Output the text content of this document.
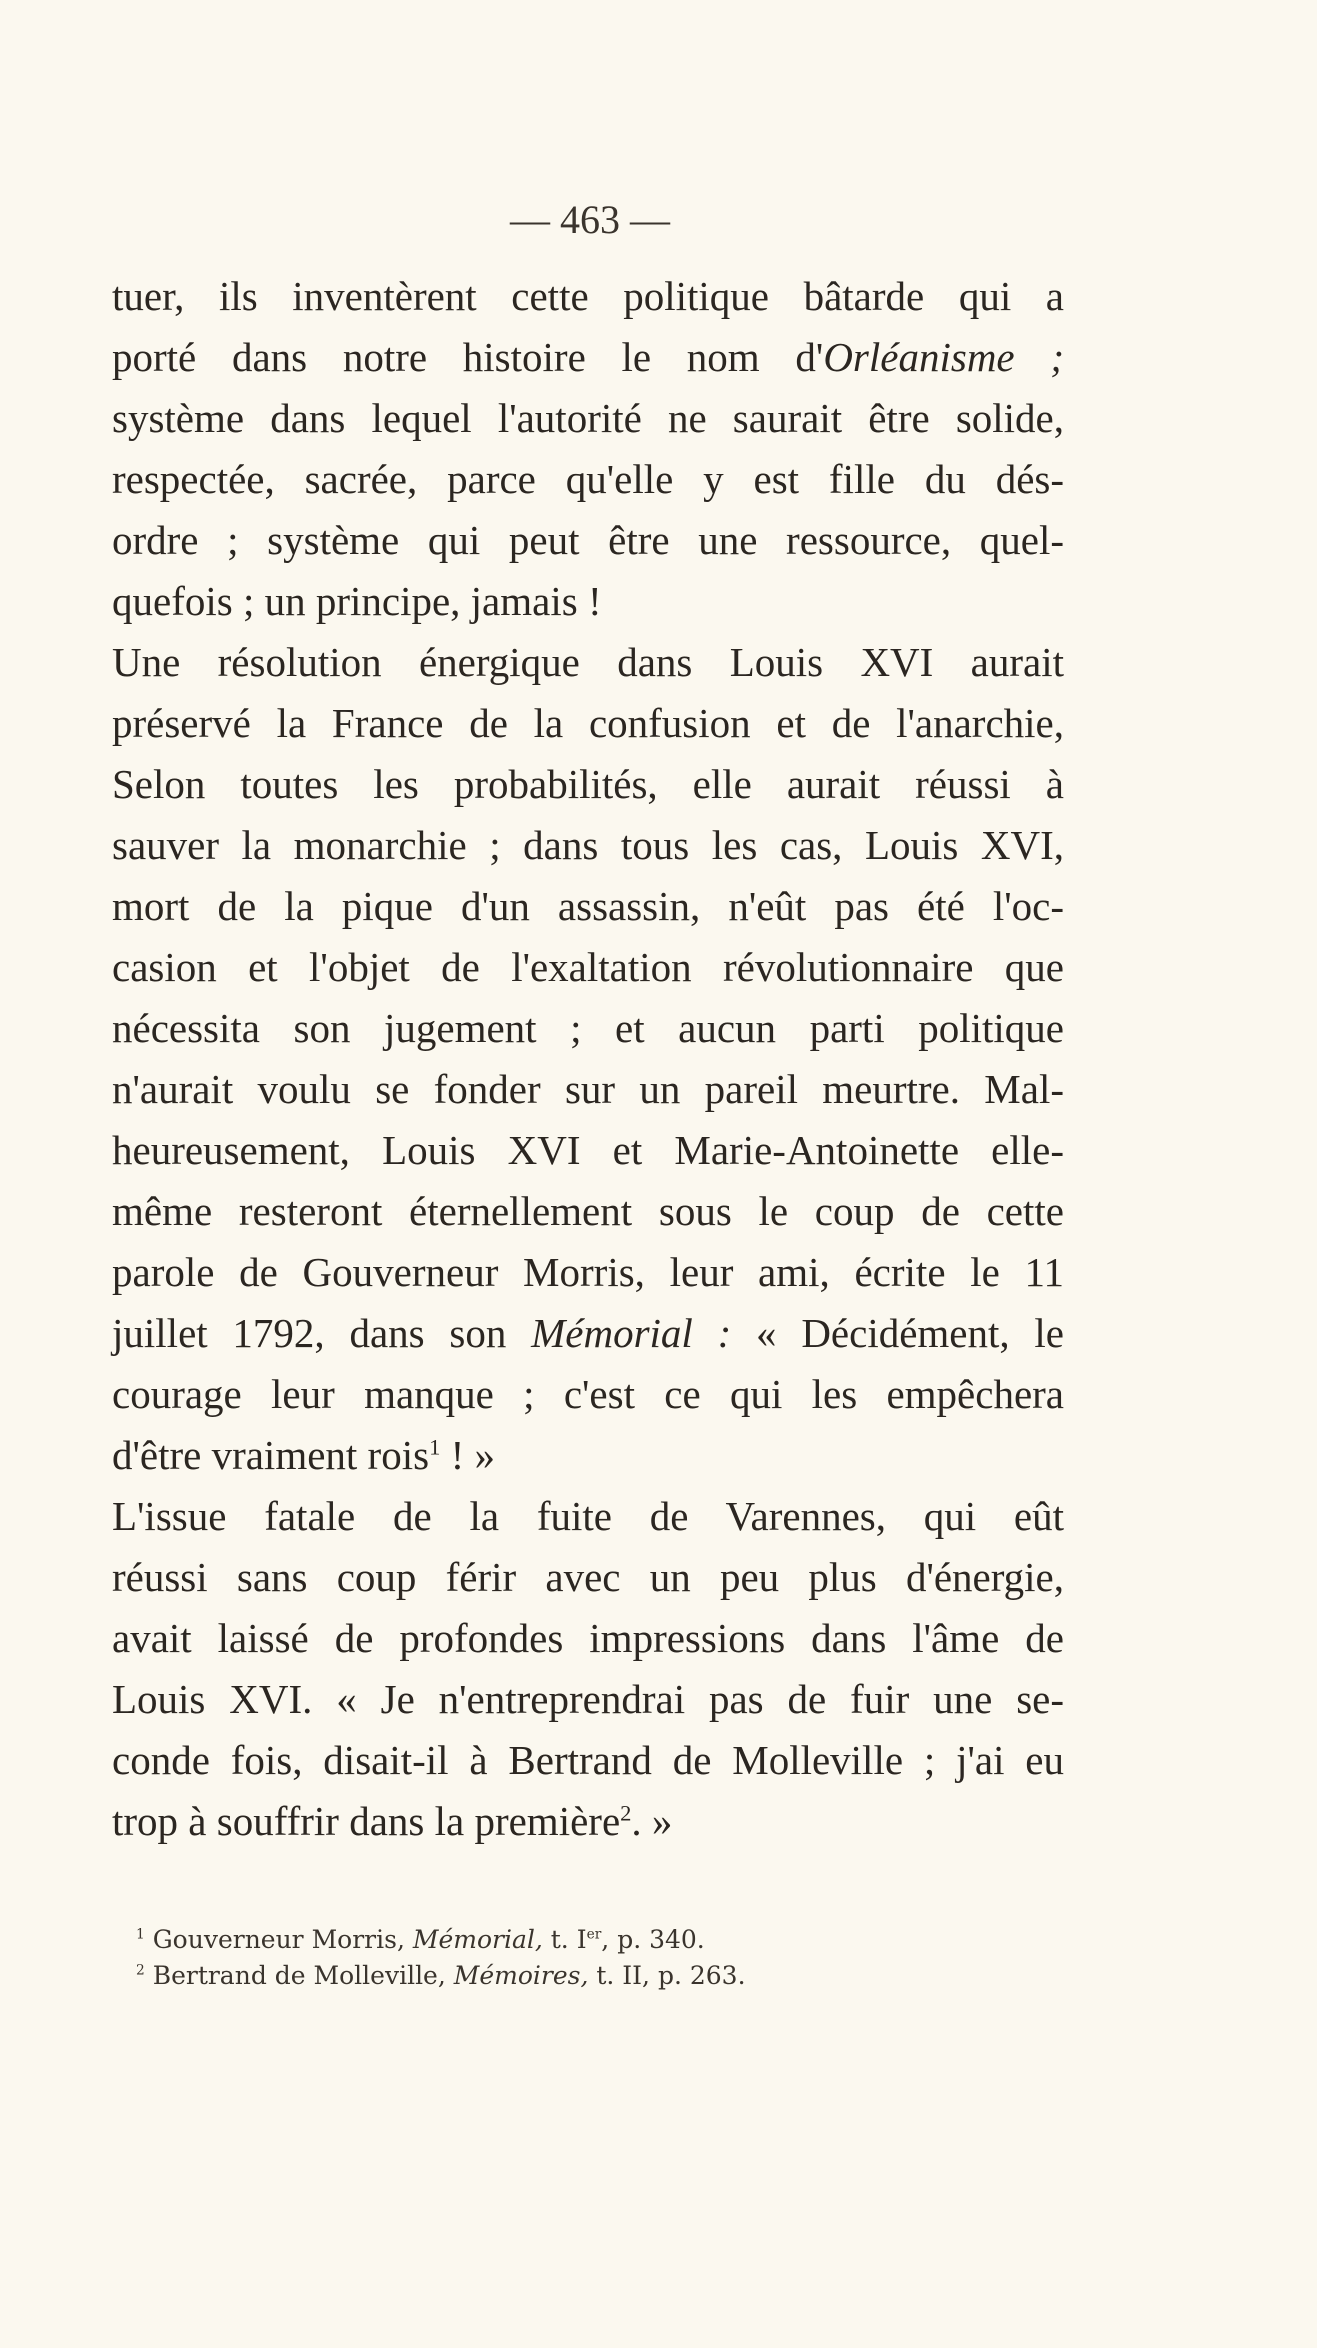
— 463 —
tuer, ils inventèrent cette politique bâtarde qui a
porté dans notre histoire le nom d'Orléanisme ;
système dans lequel l'autorité ne saurait être solide,
respectée, sacrée, parce qu'elle y est fille du dés-
ordre ; système qui peut être une ressource, quel-
quefois ; un principe, jamais !
Une résolution énergique dans Louis XVI aurait
préservé la France de la confusion et de l'anarchie,
Selon toutes les probabilités, elle aurait réussi à
sauver la monarchie ; dans tous les cas, Louis XVI,
mort de la pique d'un assassin, n'eût pas été l'oc-
casion et l'objet de l'exaltation révolutionnaire que
nécessita son jugement ; et aucun parti politique
n'aurait voulu se fonder sur un pareil meurtre. Mal-
heureusement, Louis XVI et Marie-Antoinette elle-
même resteront éternellement sous le coup de cette
parole de Gouverneur Morris, leur ami, écrite le 11
juillet 1792, dans son Mémorial : « Décidément, le
courage leur manque ; c'est ce qui les empêchera
d'être vraiment rois$^1$ ! »
L'issue fatale de la fuite de Varennes, qui eût
réussi sans coup férir avec un peu plus d'énergie,
avait laissé de profondes impressions dans l'âme de
Louis XVI. « Je n'entreprendrai pas de fuir une se-
conde fois, disait-il à Bertrand de Molleville ; j'ai eu
trop à souffrir dans la première$^2$. »
$^1$ Gouverneur Morris, Mémorial, t. Ier, p. 340.
$^2$ Bertrand de Molleville, Mémoires, t. II, p. 263.
